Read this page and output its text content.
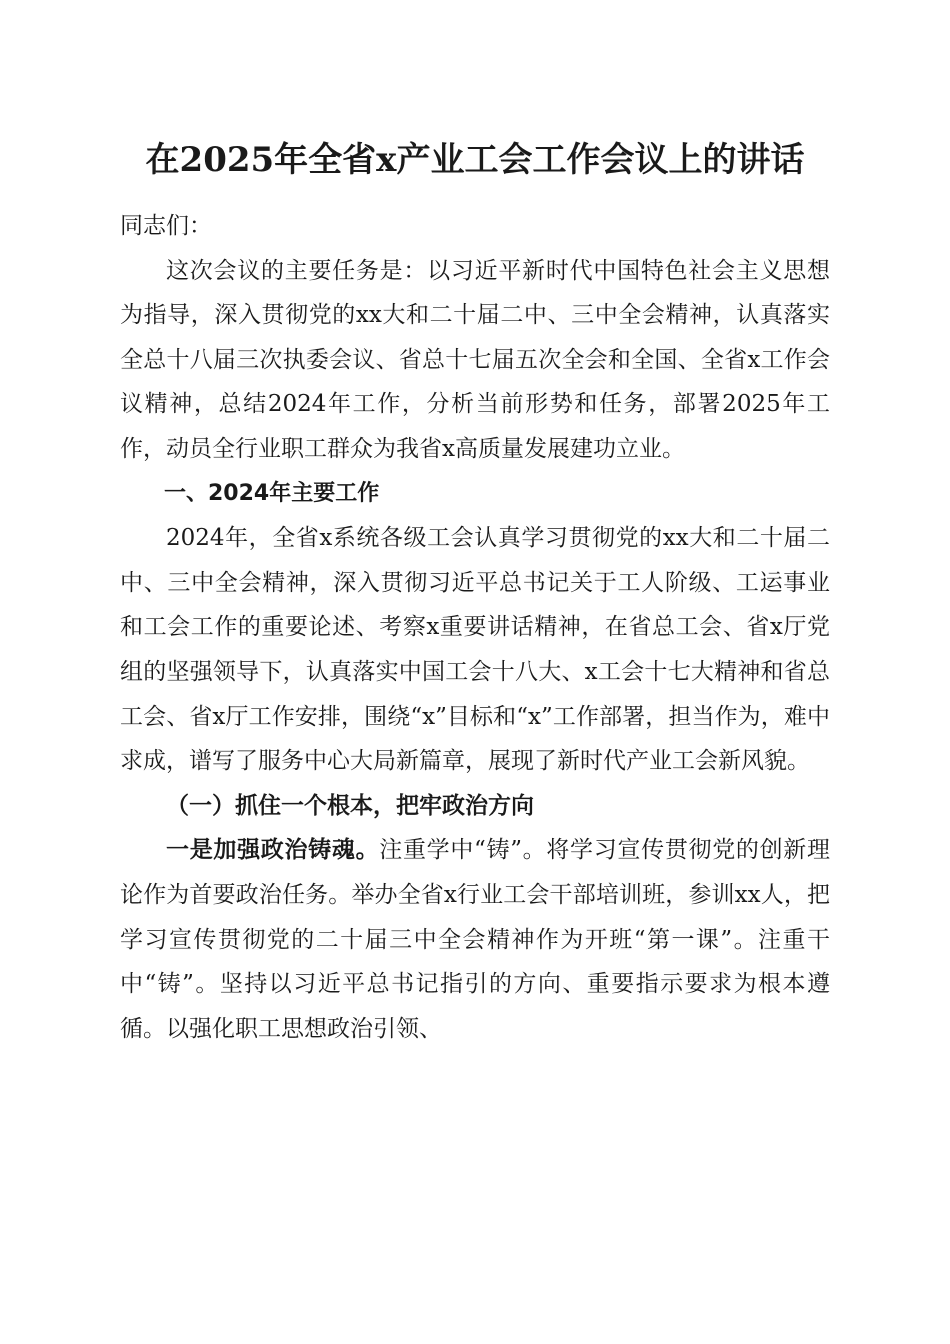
在2025年全省x产业工会工作会议上的讲话

同志们：

这次会议的主要任务是：以习近平新时代中国特色社会主义思想为指导，深入贯彻党的xx大和二十届二中、三中全会精神，认真落实全总十八届三次执委会议、省总十七届五次全会和全国、全省x工作会议精神，总结2024年工作，分析当前形势和任务，部署2025年工作，动员全行业职工群众为我省x高质量发展建功立业。

一、2024年主要工作

2024年，全省x系统各级工会认真学习贯彻党的xx大和二十届二中、三中全会精神，深入贯彻习近平总书记关于工人阶级、工运事业和工会工作的重要论述、考察x重要讲话精神，在省总工会、省x厅党组的坚强领导下，认真落实中国工会十八大、x工会十七大精神和省总工会、省x厅工作安排，围绕“x”目标和“x”工作部署，担当作为，难中求成，谱写了服务中心大局新篇章，展现了新时代产业工会新风貌。

（一）抓住一个根本，把牢政治方向

一是加强政治铸魂。注重学中“铸”。将学习宣传贯彻党的创新理论作为首要政治任务。举办全省x行业工会干部培训班，参训xx人，把学习宣传贯彻党的二十届三中全会精神作为开班“第一课”。注重干中“铸”。坚持以习近平总书记指引的方向、重要指示要求为根本遵循。以强化职工思想政治引领、
